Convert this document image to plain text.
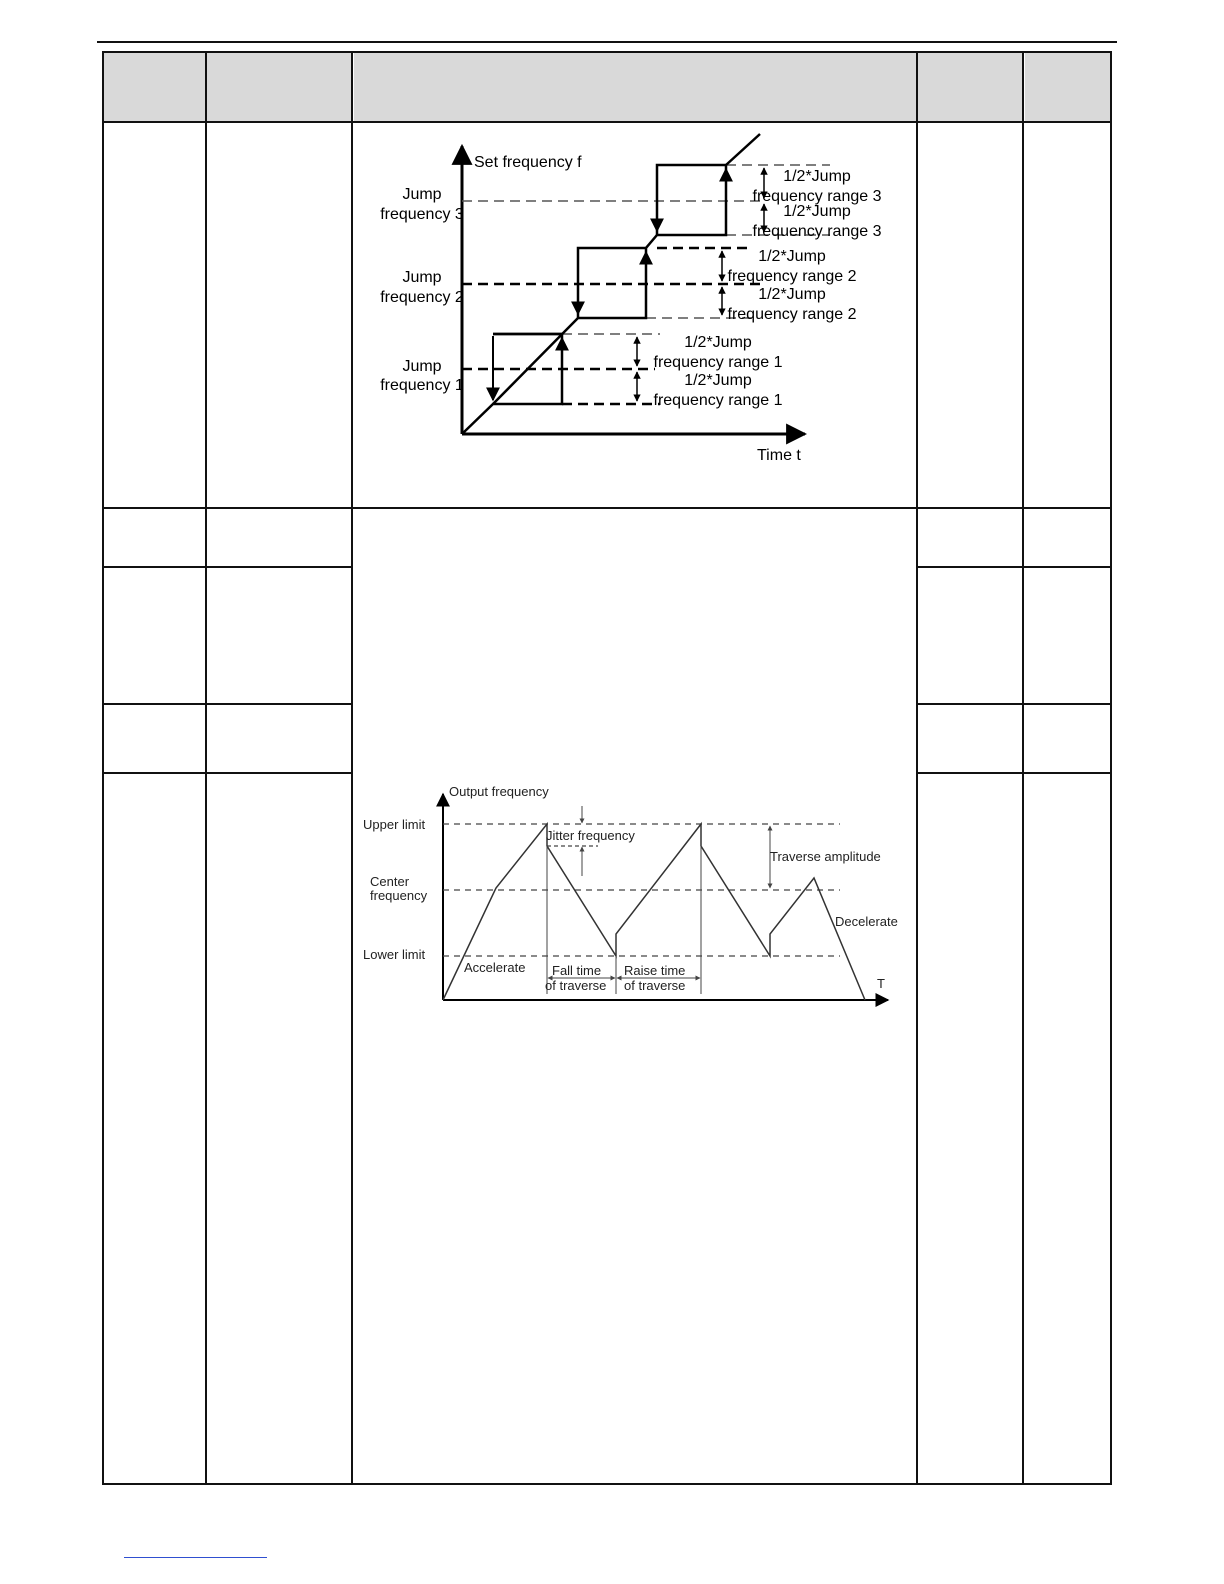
Set frequency f
Time t
Jump
frequency 3
Jump
frequency 2
Jump
frequency 1
1/2*Jump
frequency range 3
1/2*Jump
frequency range 3
1/2*Jump
frequency range 2
1/2*Jump
frequency range 2
1/2*Jump
frequency range 1
1/2*Jump
frequency range 1
Output frequency
T
Upper limit
Center
frequency
Lower limit
Jitter frequency
Traverse amplitude
Decelerate
Accelerate Fall time
of traverse
Raise time
of traverse
